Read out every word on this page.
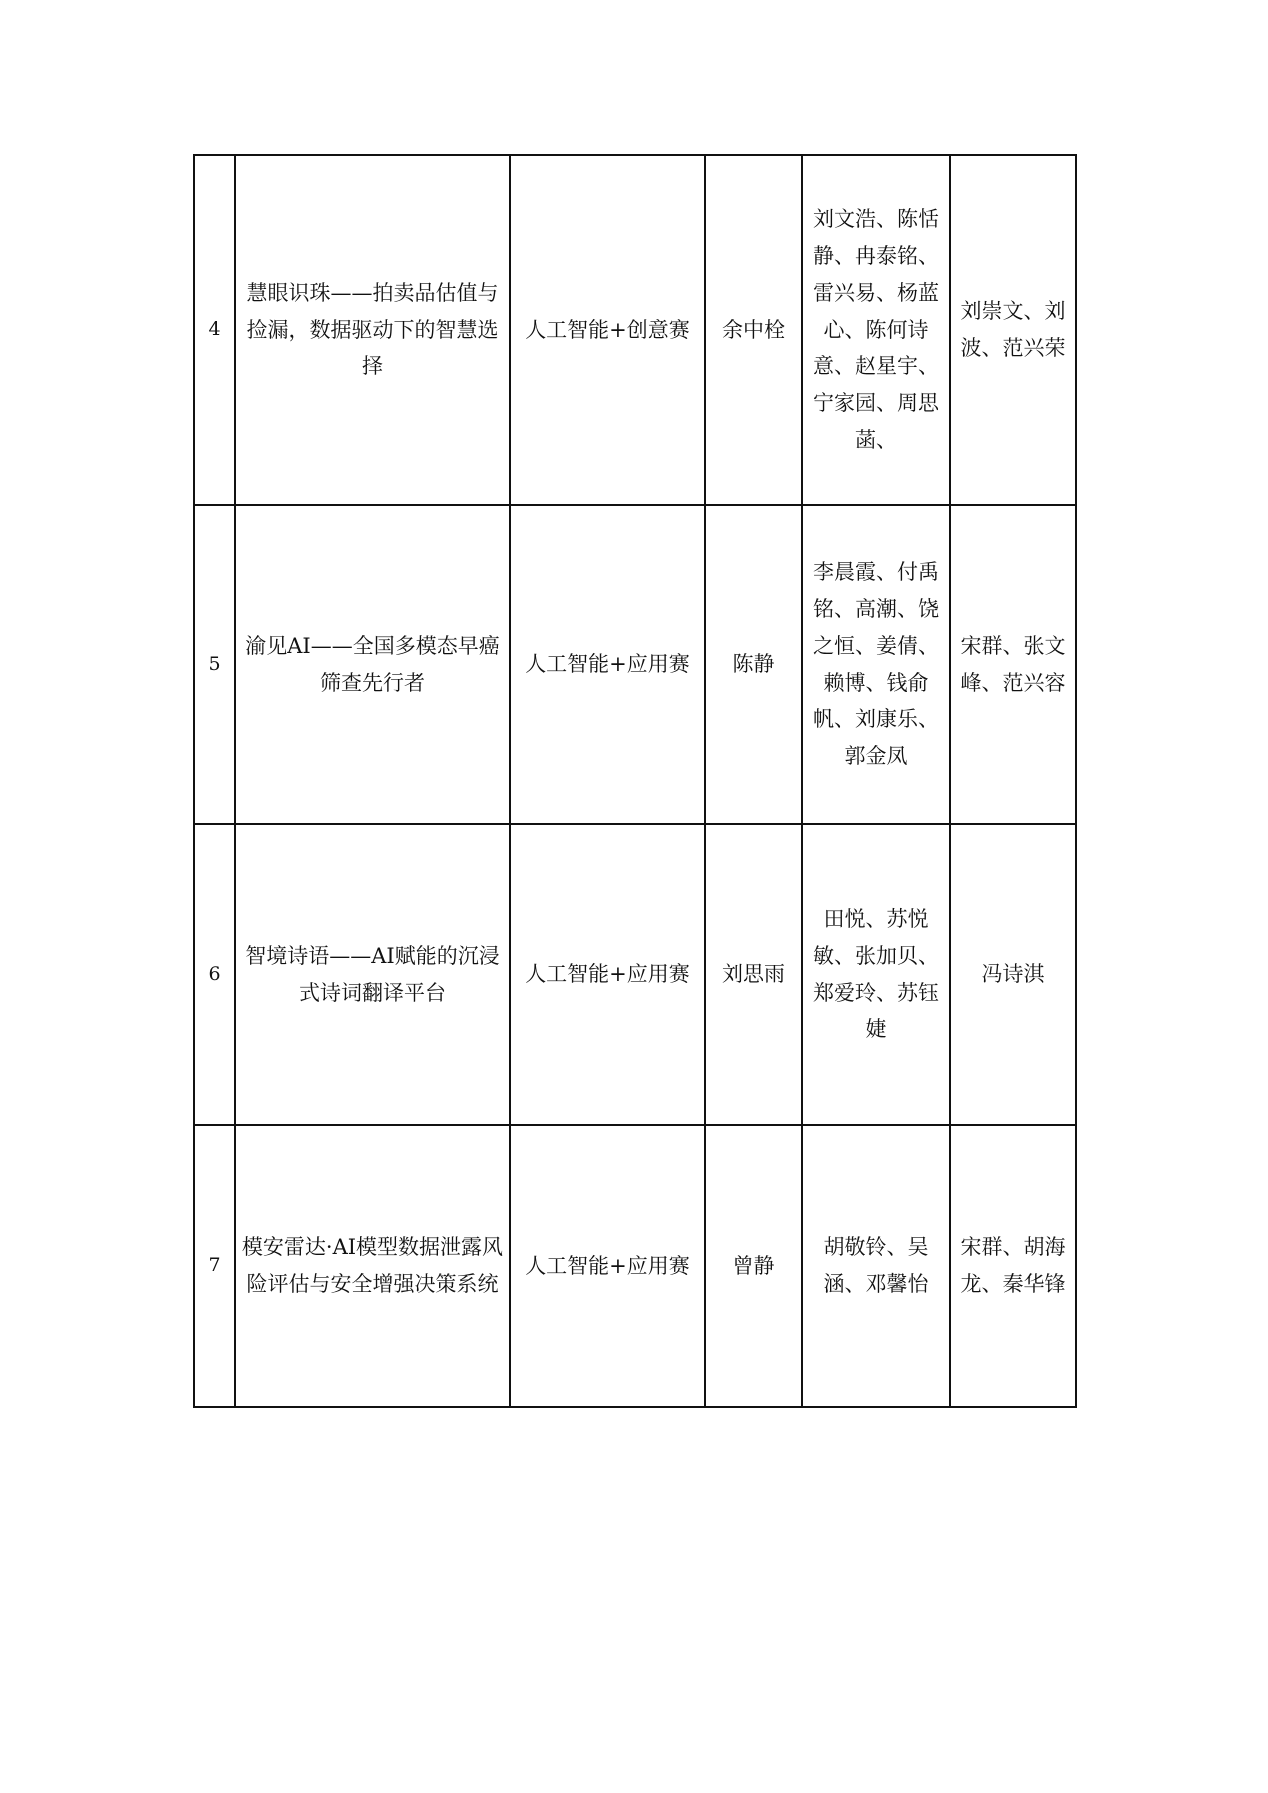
4	慧眼识珠——拍卖品估值与捡漏，数据驱动下的智慧选择	人工智能+创意赛	余中栓	刘文浩、陈恬静、冉泰铭、雷兴易、杨蓝心、陈何诗意、赵星宇、宁家园、周思菡、	刘崇文、刘波、范兴荣
5	渝见AI——全国多模态早癌筛查先行者	人工智能+应用赛	陈静	李晨霞、付禹铭、高潮、饶之恒、姜倩、赖博、钱俞帆、刘康乐、郭金凤	宋群、张文峰、范兴容
6	智境诗语——AI赋能的沉浸式诗词翻译平台	人工智能+应用赛	刘思雨	田悦、苏悦敏、张加贝、郑爱玲、苏钰婕	冯诗淇
7	模安雷达·AI模型数据泄露风险评估与安全增强决策系统	人工智能+应用赛	曾静	胡敬铃、吴涵、邓馨怡	宋群、胡海龙、秦华锋
